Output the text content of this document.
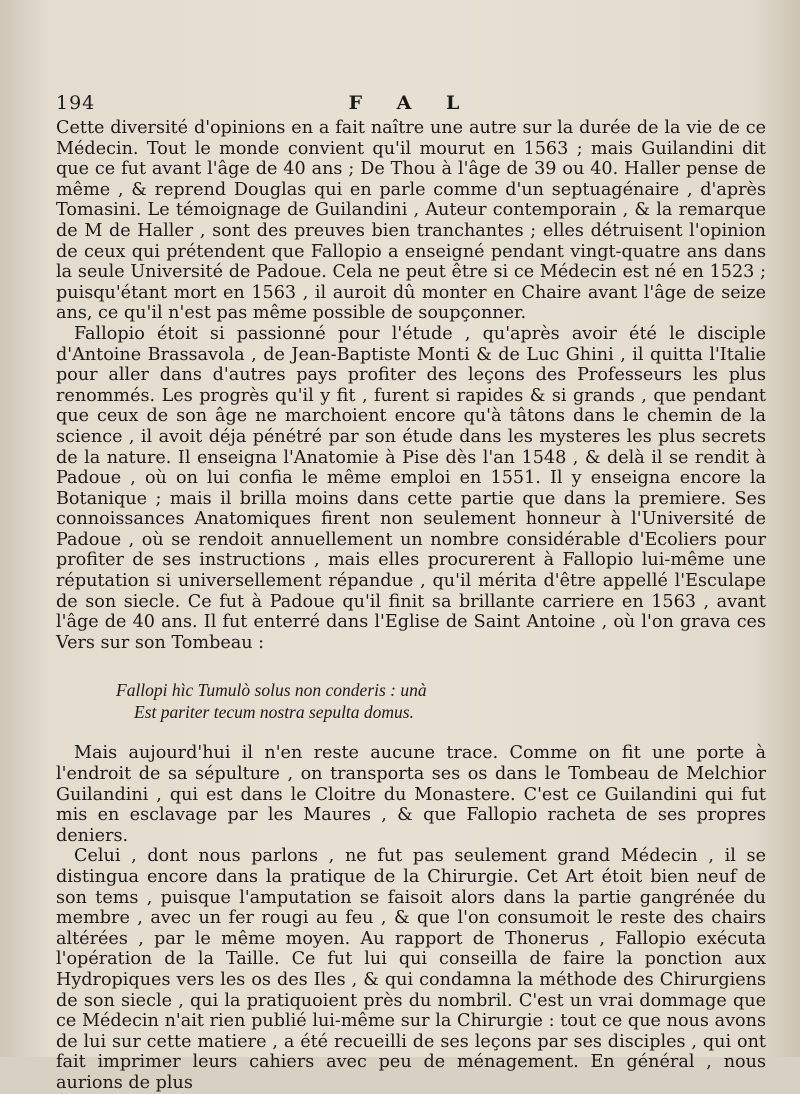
194	F A L

Cette diversité d'opinions en a fait naître une autre sur la durée de la vie de ce Médecin. Tout le monde convient qu'il mourut en 1563 ; mais Guilandini dit que ce fut avant l'âge de 40 ans ; De Thou à l'âge de 39 ou 40. Haller pense de même , & reprend Douglas qui en parle comme d'un septuagénaire , d'après Tomasini. Le témoignage de Guilandini , Auteur contemporain , & la remarque de M de Haller , sont des preuves bien tranchantes ; elles détruisent l'opinion de ceux qui prétendent que Fallopio a enseigné pendant vingt-quatre ans dans la seule Université de Padoue. Cela ne peut être si ce Médecin est né en 1523 ; puisqu'étant mort en 1563 , il auroit dû monter en Chaire avant l'âge de seize ans, ce qu'il n'est pas même possible de soupçonner.

Fallopio étoit si passionné pour l'étude , qu'après avoir été le disciple d'Antoine Brassavola , de Jean-Baptiste Monti & de Luc Ghini , il quitta l'Italie pour aller dans d'autres pays profiter des leçons des Professeurs les plus renommés. Les progrès qu'il y fit , furent si rapides & si grands , que pendant que ceux de son âge ne marchoient encore qu'à tâtons dans le chemin de la science , il avoit déja pénétré par son étude dans les mysteres les plus secrets de la nature. Il enseigna l'Anatomie à Pise dès l'an 1548 , & delà il se rendit à Padoue , où on lui confia le même emploi en 1551. Il y enseigna encore la Botanique ; mais il brilla moins dans cette partie que dans la premiere. Ses connoissances Anatomiques firent non seulement honneur à l'Université de Padoue , où se rendoit annuellement un nombre considérable d'Ecoliers pour profiter de ses instructions , mais elles procurerent à Fallopio lui-même une réputation si universellement répandue , qu'il mérita d'être appellé l'Esculape de son siecle. Ce fut à Padoue qu'il finit sa brillante carriere en 1563 , avant l'âge de 40 ans. Il fut enterré dans l'Eglise de Saint Antoine , où l'on grava ces Vers sur son Tombeau :

Fallopi hìc Tumulò solus non conderis : unà
Est pariter tecum nostra sepulta domus.

Mais aujourd'hui il n'en reste aucune trace. Comme on fit une porte à l'endroit de sa sépulture , on transporta ses os dans le Tombeau de Melchior Guilandini , qui est dans le Cloitre du Monastere. C'est ce Guilandini qui fut mis en esclavage par les Maures , & que Fallopio racheta de ses propres deniers.

Celui , dont nous parlons , ne fut pas seulement grand Médecin , il se distingua encore dans la pratique de la Chirurgie. Cet Art étoit bien neuf de son tems , puisque l'amputation se faisoit alors dans la partie gangrénée du membre , avec un fer rougi au feu , & que l'on consumoit le reste des chairs altérées , par le même moyen. Au rapport de Thonerus , Fallopio exécuta l'opération de la Taille. Ce fut lui qui conseilla de faire la ponction aux Hydropiques vers les os des Iles , & qui condamna la méthode des Chirurgiens de son siecle , qui la pratiquoient près du nombril. C'est un vrai dommage que ce Médecin n'ait rien publié lui-même sur la Chirurgie : tout ce que nous avons de lui sur cette matiere , a été recueilli de ses leçons par ses disciples , qui ont fait imprimer leurs cahiers avec peu de ménagement. En général , nous aurions de plus
